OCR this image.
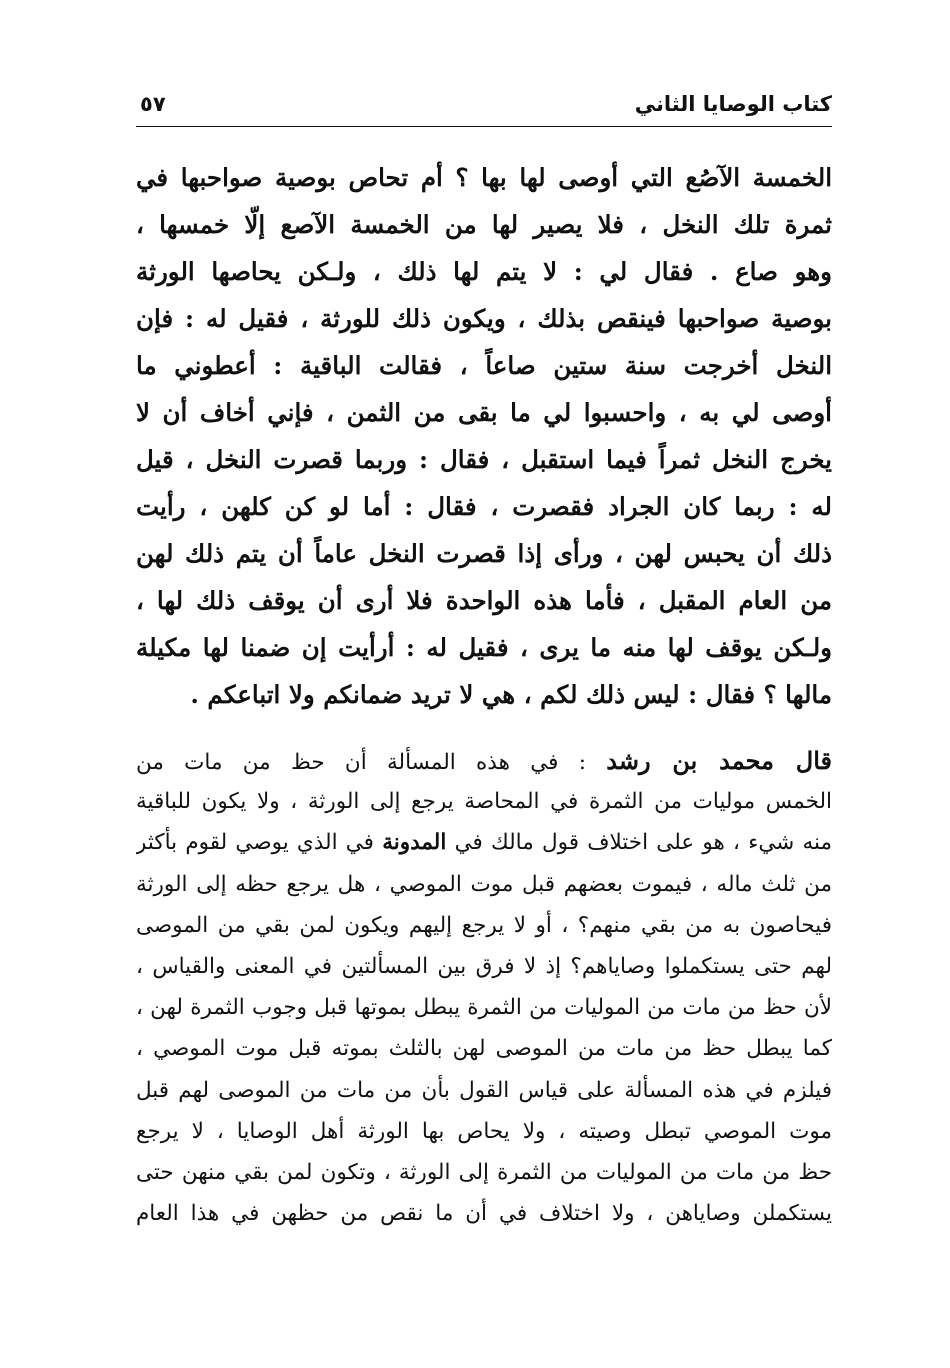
كتاب الوصايا الثاني
٥٧
الخمسة الآصُع التي أوصى لها بها ؟ أم تحاص بوصية صواحبها في
ثمرة تلك النخل ، فلا يصير لها من الخمسة الآصع إلّا خمسها ،
وهو صاع . فقال لي : لا يتم لها ذلك ، ولـكن يحاصها الورثة
بوصية صواحبها فينقص بذلك ، ويكون ذلك للورثة ، فقيل له : فإن
النخل أخرجت سنة ستين صاعاً ، فقالت الباقية : أعطوني ما
أوصى لي به ، واحسبوا لي ما بقى من الثمن ، فإني أخاف أن لا
يخرج النخل ثمراً فيما استقبل ، فقال : وربما قصرت النخل ، قيل
له : ربما كان الجراد فقصرت ، فقال : أما لو كن كلهن ، رأيت
ذلك أن يحبس لهن ، ورأى إذا قصرت النخل عاماً أن يتم ذلك لهن
من العام المقبل ، فأما هذه الواحدة فلا أرى أن يوقف ذلك لها ،
ولـكن يوقف لها منه ما يرى ، فقيل له : أرأيت إن ضمنا لها مكيلة
مالها ؟ فقال : ليس ذلك لكم ، هي لا تريد ضمانكم ولا اتباعكم .
قال محمد بن رشد : في هذه المسألة أن حظ من مات من
الخمس موليات من الثمرة في المحاصة يرجع إلى الورثة ، ولا يكون للباقية
منه شيء ، هو على اختلاف قول مالك في المدونة في الذي يوصي لقوم بأكثر
من ثلث ماله ، فيموت بعضهم قبل موت الموصي ، هل يرجع حظه إلى الورثة
فيحاصون به من بقي منهم؟ ، أو لا يرجع إليهم ويكون لمن بقي من الموصى
لهم حتى يستكملوا وصاياهم؟ إذ لا فرق بين المسألتين في المعنى والقياس ،
لأن حظ من مات من الموليات من الثمرة يبطل بموتها قبل وجوب الثمرة لهن ،
كما يبطل حظ من مات من الموصى لهن بالثلث بموته قبل موت الموصي ،
فيلزم في هذه المسألة على قياس القول بأن من مات من الموصى لهم قبل
موت الموصي تبطل وصيته ، ولا يحاص بها الورثة أهل الوصايا ، لا يرجع
حظ من مات من الموليات من الثمرة إلى الورثة ، وتكون لمن بقي منهن حتى
يستكملن وصاياهن ، ولا اختلاف في أن ما نقص من حظهن في هذا العام
